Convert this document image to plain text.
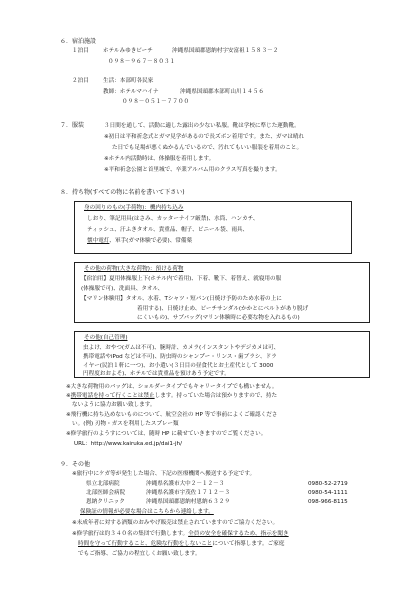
６．宿泊施設
１泊目	ホテルみゆきビーチ	沖縄県国頭郡恩納村字安富祖１５８３－２
０９８－９６７－８０３１
２泊目	生活：本部町各民家
教師：ホテルマハイナ	沖縄県国頭郡本部町山川１４５６
０９８－０５１－７７００
７．服装	３日間を通して、活動に適した露出の少ない私服。靴は学校に準じた運動靴。
※初日は平和祈念式とガマ見学があるので長ズボン着用です。また、ガマは晴れ
た日でも足場が悪くぬかるんでいるので、汚れてもいい服装を着用のこと。
※ホテル内活動時は、体操服を着用します。
※平和祈念公園と首里城で、卒業アルバム用のクラス写真を撮ります。
８．持ち物(すべての物に名前を書いて下さい)
身の回りのもの(手荷物)：機内持ち込み
しおり、筆記用具(はさみ、カッターナイフ厳禁)、水筒、ハンカチ、
ティッシュ、汗ふきタオル、貴重品、帽子、ビニール袋、雨具、
懐中電灯、軍手(ガマ体験で必要)、常備薬
その他の荷物(大きな荷物)：預ける荷物
【宿泊用】夏用体操服上下(ホテル内で着用)、下着、靴下、着替え、就寝用の服
(体操服で可)、洗面具、タオル、
【マリン体験用】タオル、水着、Tシャツ・短パン(日焼け予防のため水着の上に
着用する)、日焼け止め、ビーチサンダル(かかとにベルトがあり脱げ
にくいもの)、サブバッグ(マリン体験時に必要な物を入れるもの)
その他(自己管理)
虫よけ、おやつ(ガムは不可)、腕時計、カメラ(インスタントやデジカメは可、
携帯電話やiPod などは不可)、防虫時のシャンプー・リンス・歯ブラシ、ドラ
イヤー(民泊１軒に一つ)、お小遣い(３日目の昼食代とお土産代として 3000
円程度おおよそ)、ホテルでは貴重品を預けあう予定です。
※大きな荷物用のバッグは、ショルダータイプでもキャリータイプでも構いません。
※携帯電話を持って行くことは禁止します。持っていた場合は預かりますので、持た
ないように協力お願い致します。
※飛行機に持ち込めないものについて、航空会社の HP 等で事前によくご確認くださ
い。(例) 刃物・ガスを利用したスプレー類
※修学旅行のようすについては、随時 HP に載せていきますのでご覧ください。
URL：http://www.kairuka.ed.jp/dai1-jh/
９．その他
※旅行中にケガ等が発生した場合、下記の医療機関へ搬送する予定です。
県立北部病院	沖縄県名護市大中２－１２－３	0980-52-2719
北部医師会病院	沖縄県名護市宇茂佐１７１２－３	0980-54-1111
恩納クリニック	沖縄県国頭郡恩納村恩納６３２９	098-966-8115
保険証の情報が必要な場合はこちらから連絡します。
※未成年者に対する酒類のおみやげ販売は禁止されていますのでご協力ください。
※修学旅行は約３４０名の集団で行動します。全員の安全を確保するため、指示を聞き
時間を守って行動すること、危険な行動をしないことについて指導します。ご家庭
でもご指導、ご協力の程宜しくお願い致します。
